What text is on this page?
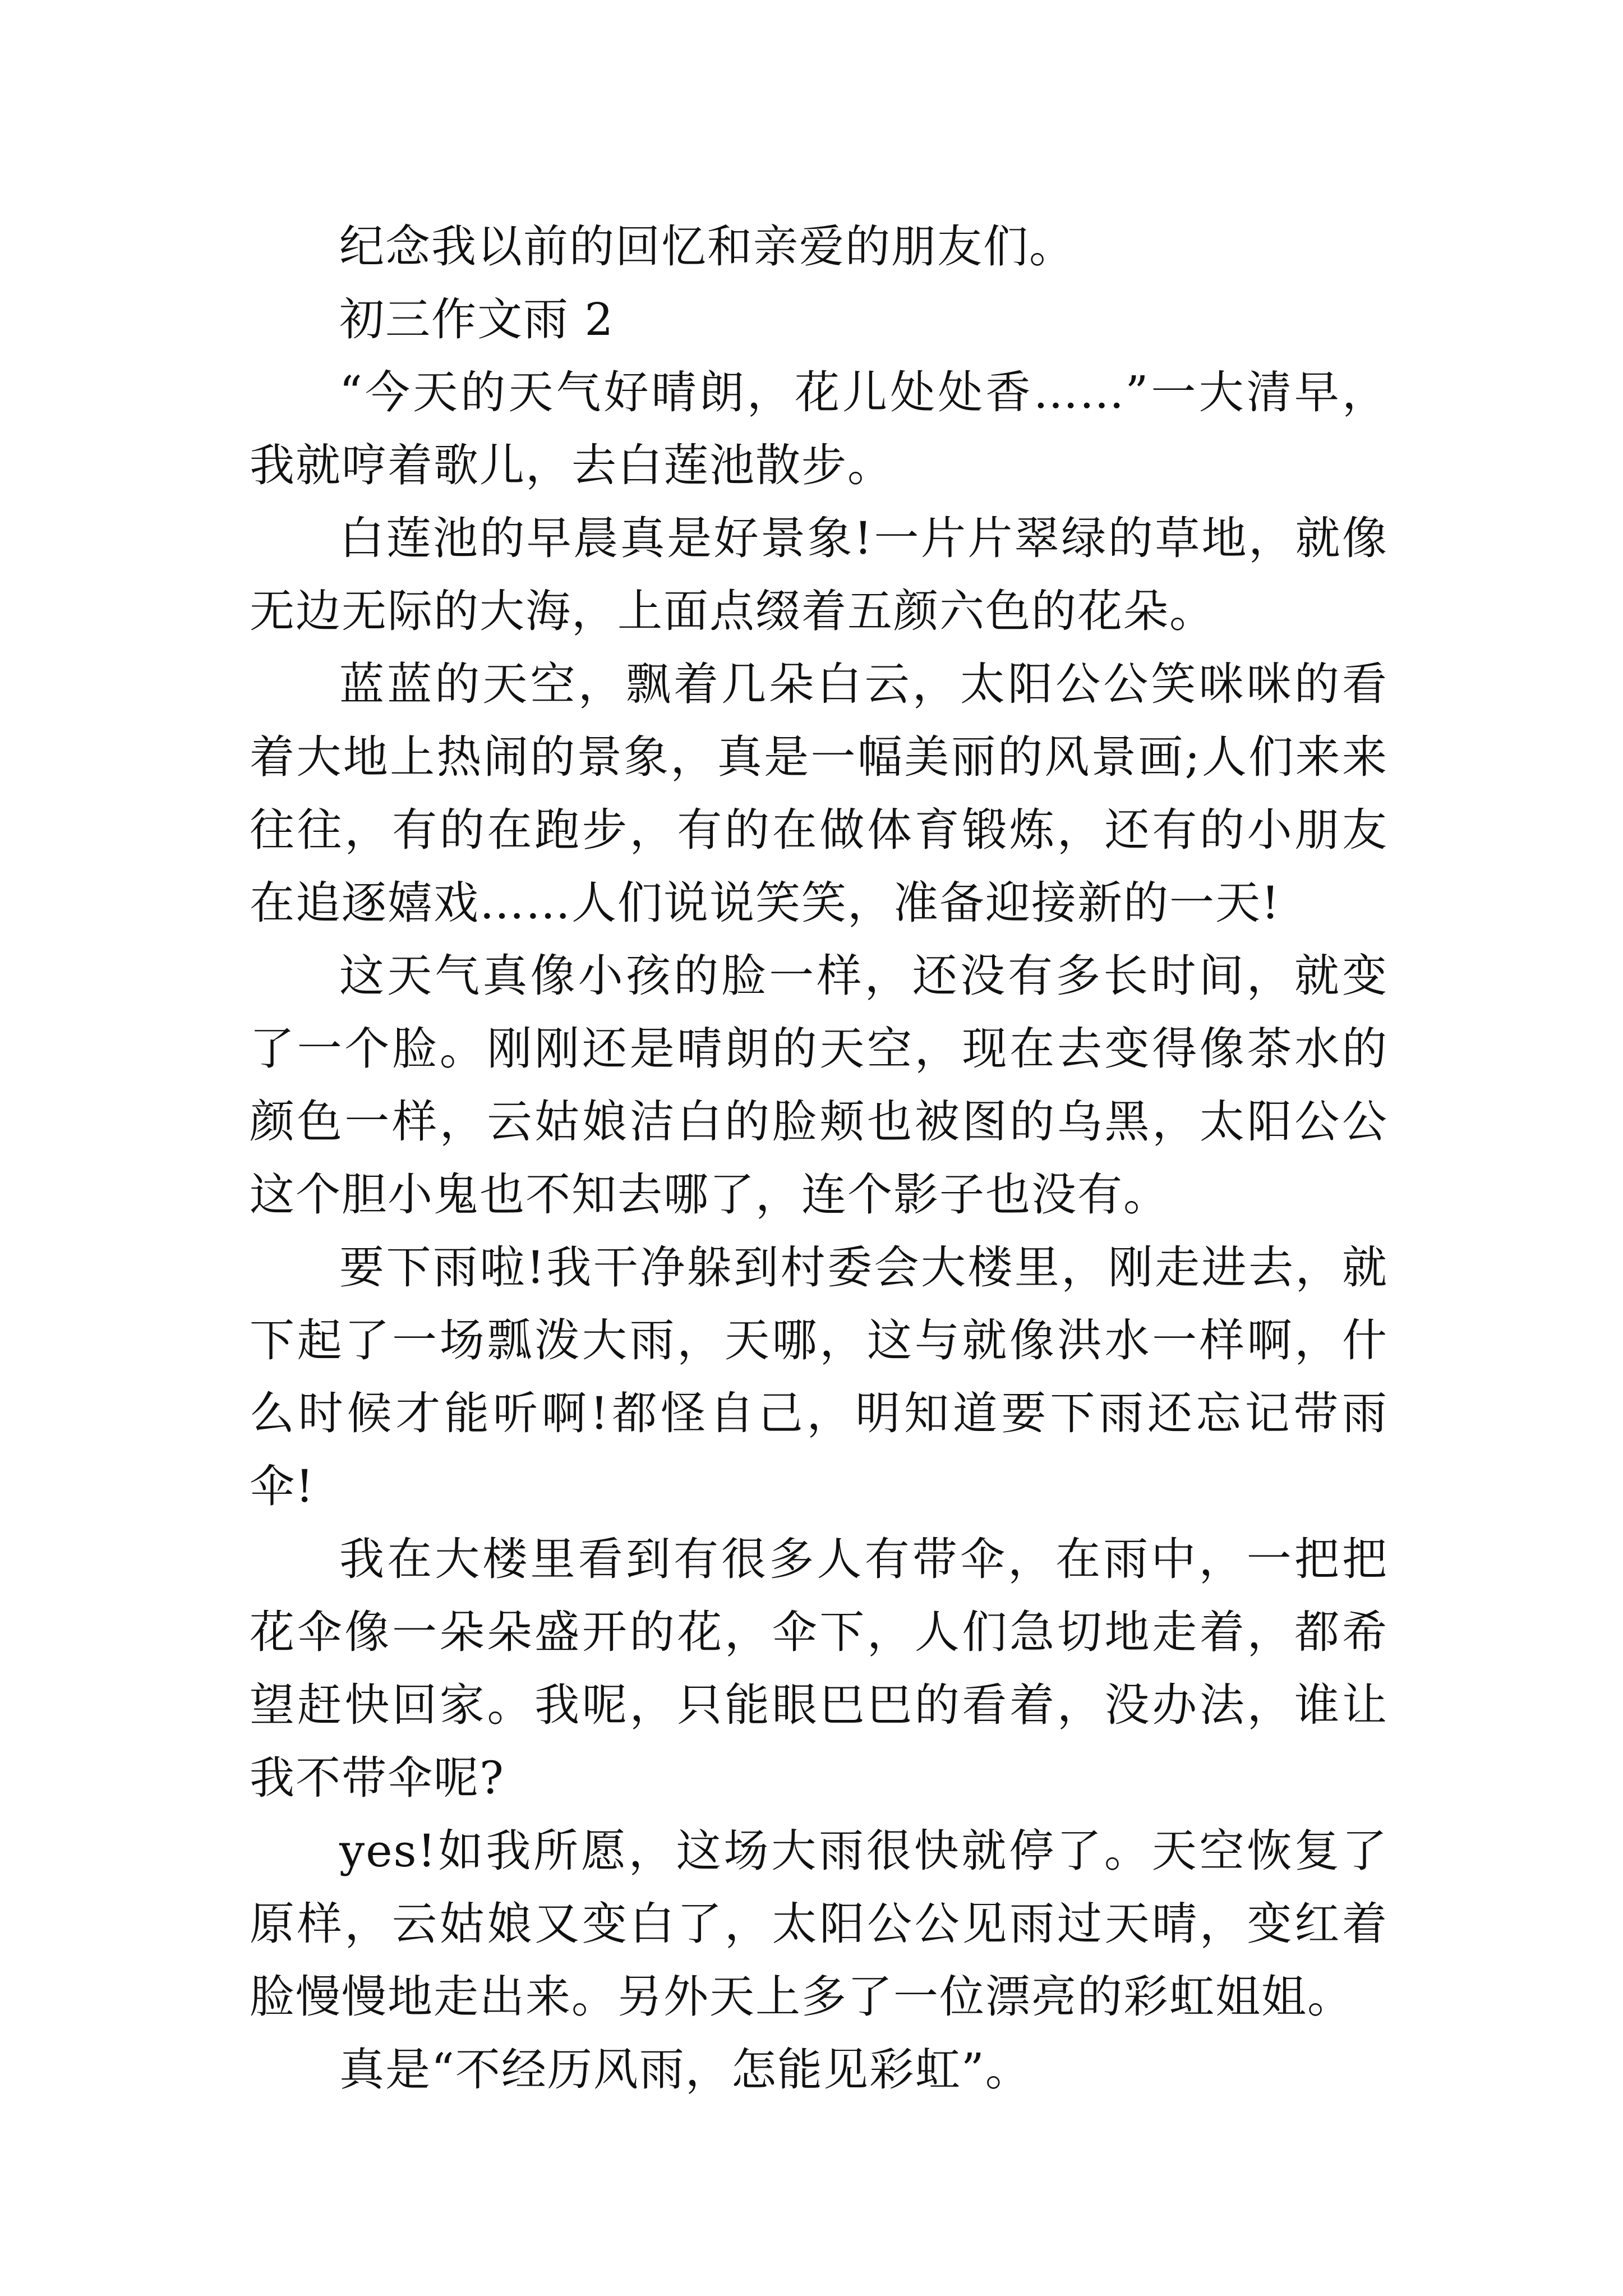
纪念我以前的回忆和亲爱的朋友们。

初三作文雨 2

“今天的天气好晴朗，花儿处处香……”一大清早，我就哼着歌儿，去白莲池散步。

白莲池的早晨真是好景象!一片片翠绿的草地，就像无边无际的大海，上面点缀着五颜六色的花朵。

蓝蓝的天空，飘着几朵白云，太阳公公笑咪咪的看着大地上热闹的景象，真是一幅美丽的风景画;人们来来往往，有的在跑步，有的在做体育锻炼，还有的小朋友在追逐嬉戏……人们说说笑笑，准备迎接新的一天!

这天气真像小孩的脸一样，还没有多长时间，就变了一个脸。刚刚还是晴朗的天空，现在去变得像茶水的颜色一样，云姑娘洁白的脸颊也被图的乌黑，太阳公公这个胆小鬼也不知去哪了，连个影子也没有。

要下雨啦!我干净躲到村委会大楼里，刚走进去，就下起了一场瓢泼大雨，天哪，这与就像洪水一样啊，什么时候才能听啊!都怪自己，明知道要下雨还忘记带雨伞!

我在大楼里看到有很多人有带伞，在雨中，一把把花伞像一朵朵盛开的花，伞下，人们急切地走着，都希望赶快回家。我呢，只能眼巴巴的看着，没办法，谁让我不带伞呢?

yes!如我所愿，这场大雨很快就停了。天空恢复了原样，云姑娘又变白了，太阳公公见雨过天晴，变红着脸慢慢地走出来。另外天上多了一位漂亮的彩虹姐姐。

真是“不经历风雨，怎能见彩虹”。
